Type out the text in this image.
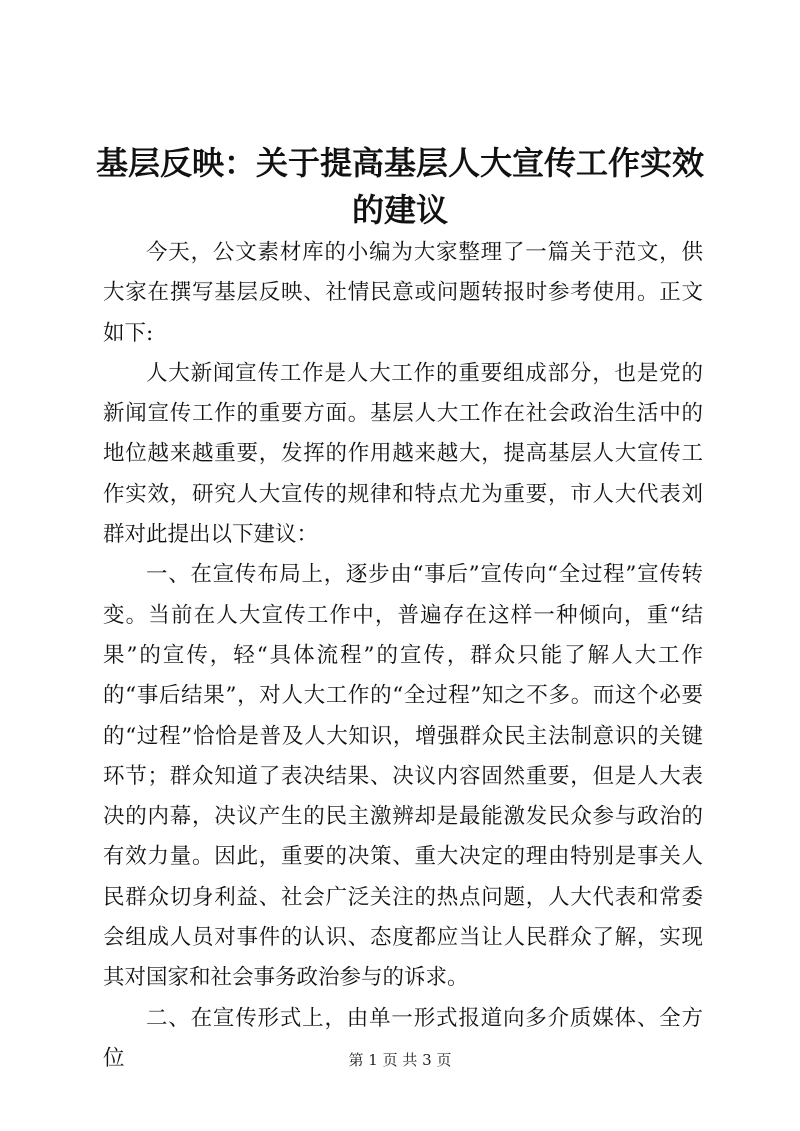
基层反映：关于提高基层人大宣传工作实效的建议

今天，公文素材库的小编为大家整理了一篇关于范文，供大家在撰写基层反映、社情民意或问题转报时参考使用。正文如下:

人大新闻宣传工作是人大工作的重要组成部分，也是党的新闻宣传工作的重要方面。基层人大工作在社会政治生活中的地位越来越重要，发挥的作用越来越大，提高基层人大宣传工作实效，研究人大宣传的规律和特点尤为重要，市人大代表刘群对此提出以下建议：

一、在宣传布局上，逐步由“事后”宣传向“全过程”宣传转变。当前在人大宣传工作中，普遍存在这样一种倾向，重“结果”的宣传，轻“具体流程”的宣传，群众只能了解人大工作的“事后结果”，对人大工作的“全过程”知之不多。而这个必要的“过程”恰恰是普及人大知识，增强群众民主法制意识的关键环节；群众知道了表决结果、决议内容固然重要，但是人大表决的内幕，决议产生的民主激辨却是最能激发民众参与政治的有效力量。因此，重要的决策、重大决定的理由特别是事关人民群众切身利益、社会广泛关注的热点问题，人大代表和常委会组成人员对事件的认识、态度都应当让人民群众了解，实现其对国家和社会事务政治参与的诉求。

二、在宣传形式上，由单一形式报道向多介质媒体、全方位	第 1 页 共 3 页
